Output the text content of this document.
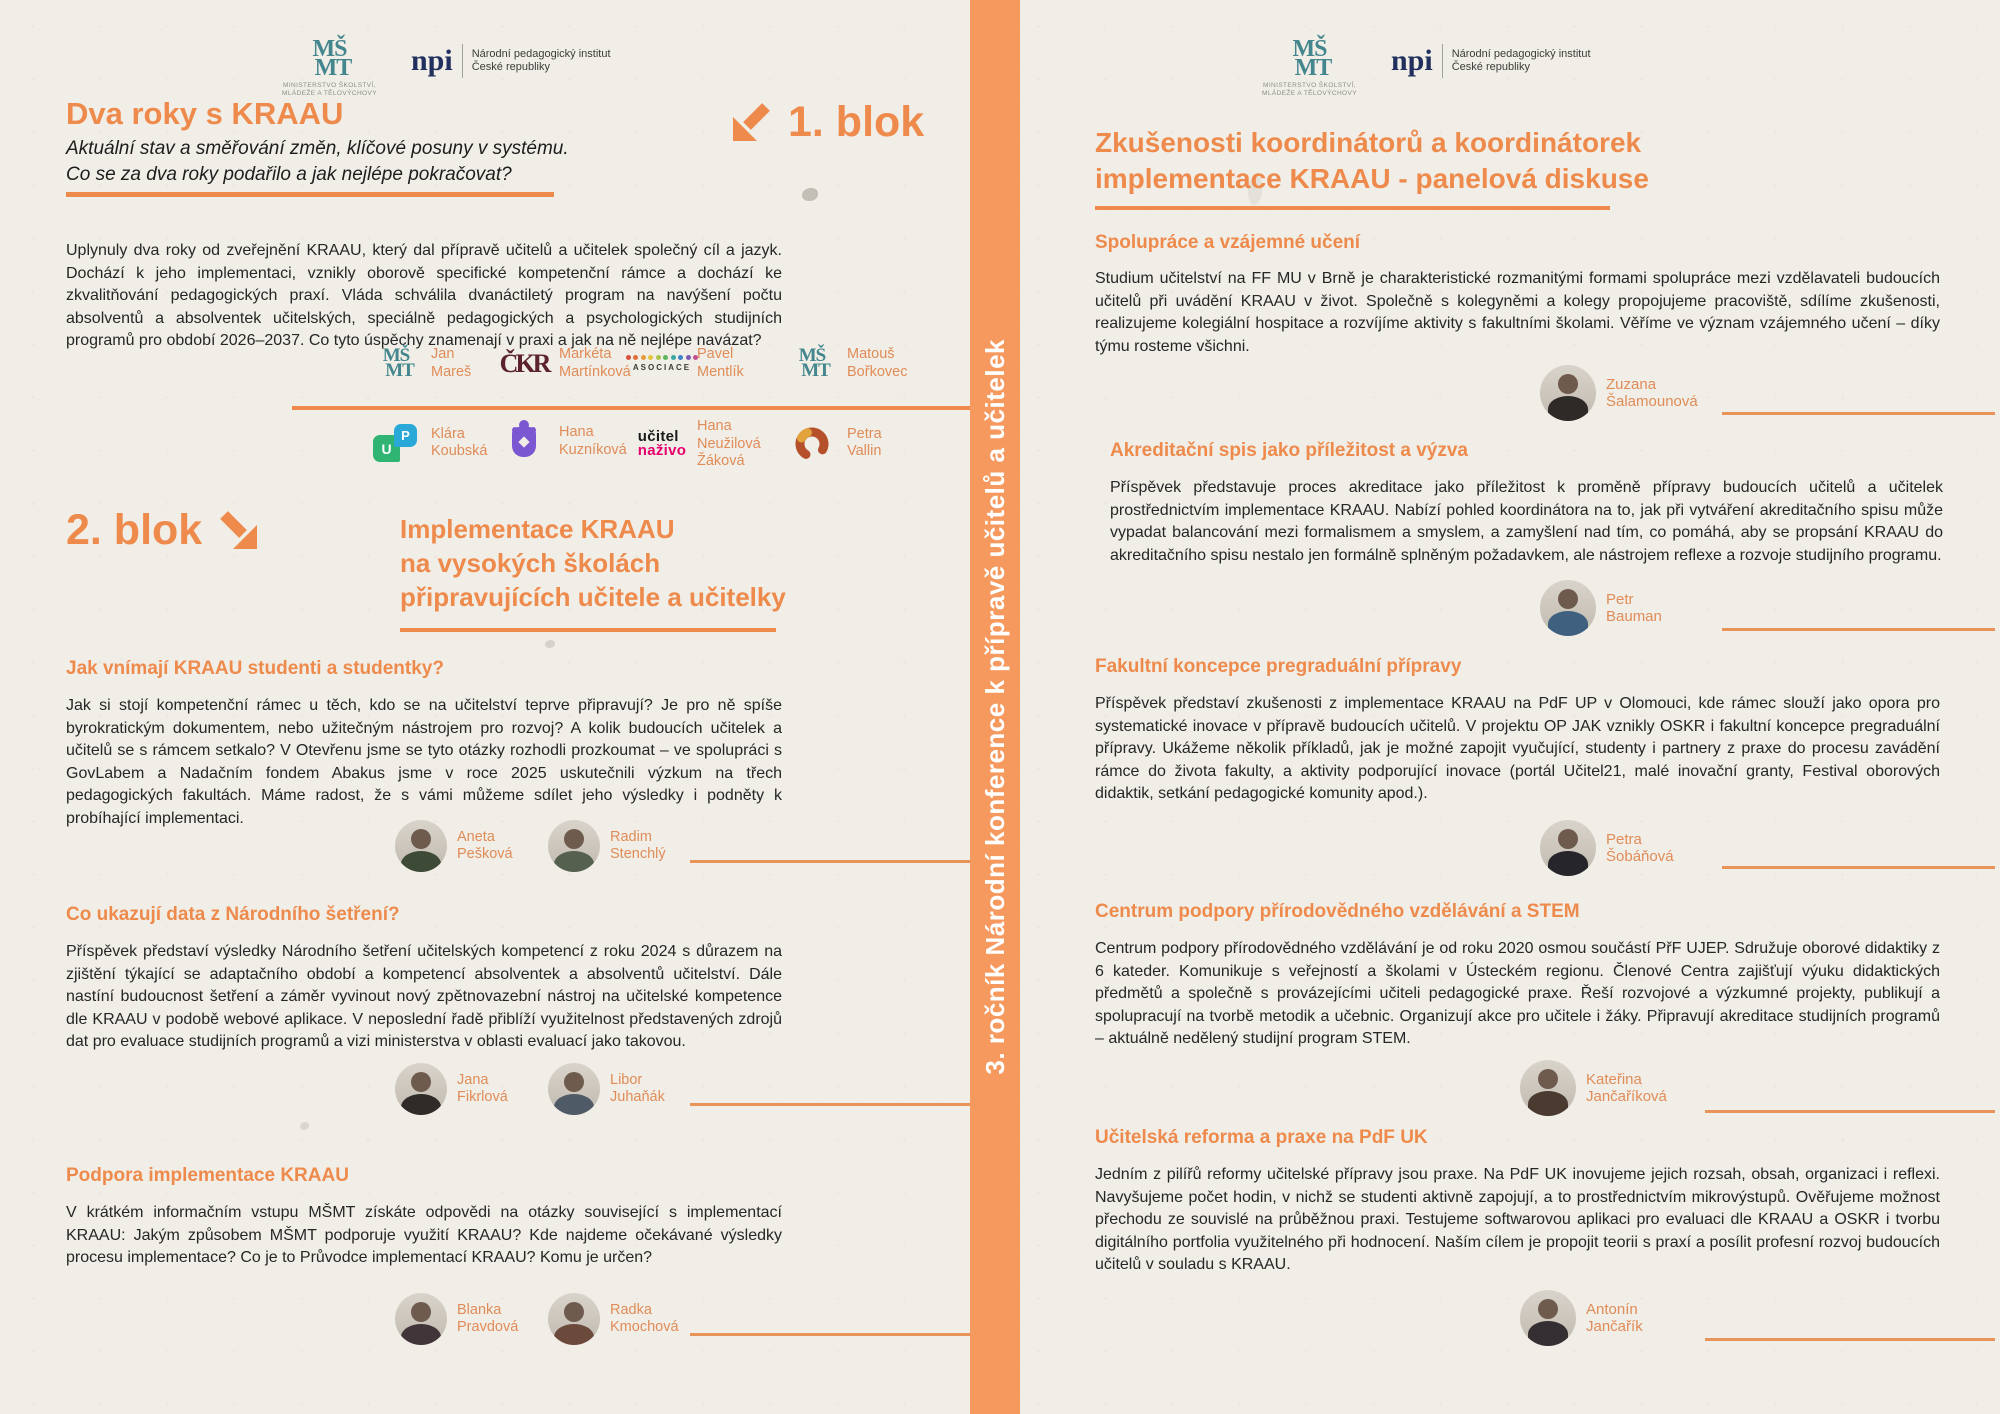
3. ročník Národní konference k přípravě učitelů a učitelek
MŠ
MT
MINISTERSTVO ŠKOLSTVÍ,
MLÁDEŽE A TĚLOVÝCHOVY
npi Národní pedagogický institut
České republiky
Dva roky s KRAAU
Aktuální stav a směřování změn, klíčové posuny v systému.
Co se za dva roky podařilo a jak nejlépe pokračovat?
1. blok
Uplynuly dva roky od zveřejnění KRAAU, který dal přípravě učitelů a učitelek společný cíl a jazyk. Dochází k jeho implementaci, vznikly oborově specifické kompetenční rámce a dochází ke zkvalitňování pedagogických praxí. Vláda schválila dvanáctiletý program na navýšení počtu absolventů a absolventek učitelských, speciálně pedagogických a psychologických studijních programů pro období 2026–2037. Co tyto úspěchy znamenají v praxi a jak na ně nejlépe navázat?
MŠ
MT
Jan
Mareš ČKR Markéta
Martínková ASOCIACE
Pavel
Mentlík
MŠ
MT
Matouš
Bořkovec
U
P	Klára
Koubská
Hana
Kuzníková
učitel
naživo
Hana
Neužilová
Žáková
Petra
Vallin
2. blok	Implementace KRAAU
na vysokých školách
připravujících učitele a učitelky
Jak vnímají KRAAU studenti a studentky?
Jak si stojí kompetenční rámec u těch, kdo se na učitelství teprve připravují? Je pro ně spíše byrokratickým dokumentem, nebo užitečným nástrojem pro rozvoj? A kolik budoucích učitelek a učitelů se s rámcem setkalo? V Otevřenu jsme se tyto otázky rozhodli prozkoumat – ve spolupráci s GovLabem a Nadačním fondem Abakus jsme v roce 2025 uskutečnili výzkum na třech pedagogických fakultách. Máme radost, že s vámi můžeme sdílet jeho výsledky i podněty k probíhající implementaci.
Aneta
Pešková
Radim
Stenchlý
Co ukazují data z Národního šetření?
Příspěvek představí výsledky Národního šetření učitelských kompetencí z roku 2024 s důrazem na zjištění týkající se adaptačního období a kompetencí absolventek a absolventů učitelství. Dále nastíní budoucnost šetření a záměr vyvinout nový zpětnovazební nástroj na učitelské kompetence dle KRAAU v podobě webové aplikace. V neposlední řadě přiblíží využitelnost představených zdrojů dat pro evaluace studijních programů a vizi ministerstva v oblasti evaluací jako takovou.
Jana
Fikrlová
Libor
Juhaňák
Podpora implementace KRAAU
V krátkém informačním vstupu MŠMT získáte odpovědi na otázky související s implementací KRAAU: Jakým způsobem MŠMT podporuje využití KRAAU? Kde najdeme očekávané výsledky procesu implementace? Co je to Průvodce implementací KRAAU? Komu je určen?
Blanka
Pravdová
Radka
Kmochová
MŠ
MT
MINISTERSTVO ŠKOLSTVÍ,
MLÁDEŽE A TĚLOVÝCHOVY
npi Národní pedagogický institut
České republiky
Zkušenosti koordinátorů a koordinátorek
implementace KRAAU - panelová diskuse
Spolupráce a vzájemné učení
Studium učitelství na FF MU v Brně je charakteristické rozmanitými formami spolupráce mezi vzdělavateli budoucích učitelů při uvádění KRAAU v život. Společně s kolegyněmi a kolegy propojujeme pracoviště, sdílíme zkušenosti, realizujeme kolegiální hospitace a rozvíjíme aktivity s fakultními školami. Věříme ve význam vzájemného učení – díky týmu rosteme všichni.
Zuzana
Šalamounová
Akreditační spis jako příležitost a výzva
Příspěvek představuje proces akreditace jako příležitost k proměně přípravy budoucích učitelů a učitelek prostřednictvím implementace KRAAU. Nabízí pohled koordinátora na to, jak při vytváření akreditačního spisu může vypadat balancování mezi formalismem a smyslem, a zamyšlení nad tím, co pomáhá, aby se propsání KRAAU do akreditačního spisu nestalo jen formálně splněným požadavkem, ale nástrojem reflexe a rozvoje studijního programu.
Petr
Bauman
Fakultní koncepce pregraduální přípravy
Příspěvek představí zkušenosti z implementace KRAAU na PdF UP v Olomouci, kde rámec slouží jako opora pro systematické inovace v přípravě budoucích učitelů. V projektu OP JAK vznikly OSKR i fakultní koncepce pregraduální přípravy. Ukážeme několik příkladů, jak je možné zapojit vyučující, studenty i partnery z praxe do procesu zavádění rámce do života fakulty, a aktivity podporující inovace (portál Učitel21, malé inovační granty, Festival oborových didaktik, setkání pedagogické komunity apod.).
Petra
Šobáňová
Centrum podpory přírodovědného vzdělávání a STEM
Centrum podpory přírodovědného vzdělávání je od roku 2020 osmou součástí PřF UJEP. Sdružuje oborové didaktiky z 6 kateder. Komunikuje s veřejností a školami v Ústeckém regionu. Členové Centra zajišťují výuku didaktických předmětů a společně s provázejícími učiteli pedagogické praxe. Řeší rozvojové a výzkumné projekty, publikují a spolupracují na tvorbě metodik a učebnic. Organizují akce pro učitele i žáky. Připravují akreditace studijních programů – aktuálně nedělený studijní program STEM.
Kateřina
Jančaříková
Učitelská reforma a praxe na PdF UK
Jedním z pilířů reformy učitelské přípravy jsou praxe. Na PdF UK inovujeme jejich rozsah, obsah, organizaci i reflexi. Navyšujeme počet hodin, v nichž se studenti aktivně zapojují, a to prostřednictvím mikrovýstupů. Ověřujeme možnost přechodu ze souvislé na průběžnou praxi. Testujeme softwarovou aplikaci pro evaluaci dle KRAAU a OSKR i tvorbu digitálního portfolia využitelného při hodnocení. Naším cílem je propojit teorii s praxí a posílit profesní rozvoj budoucích učitelů v souladu s KRAAU.
Antonín
Jančařík
